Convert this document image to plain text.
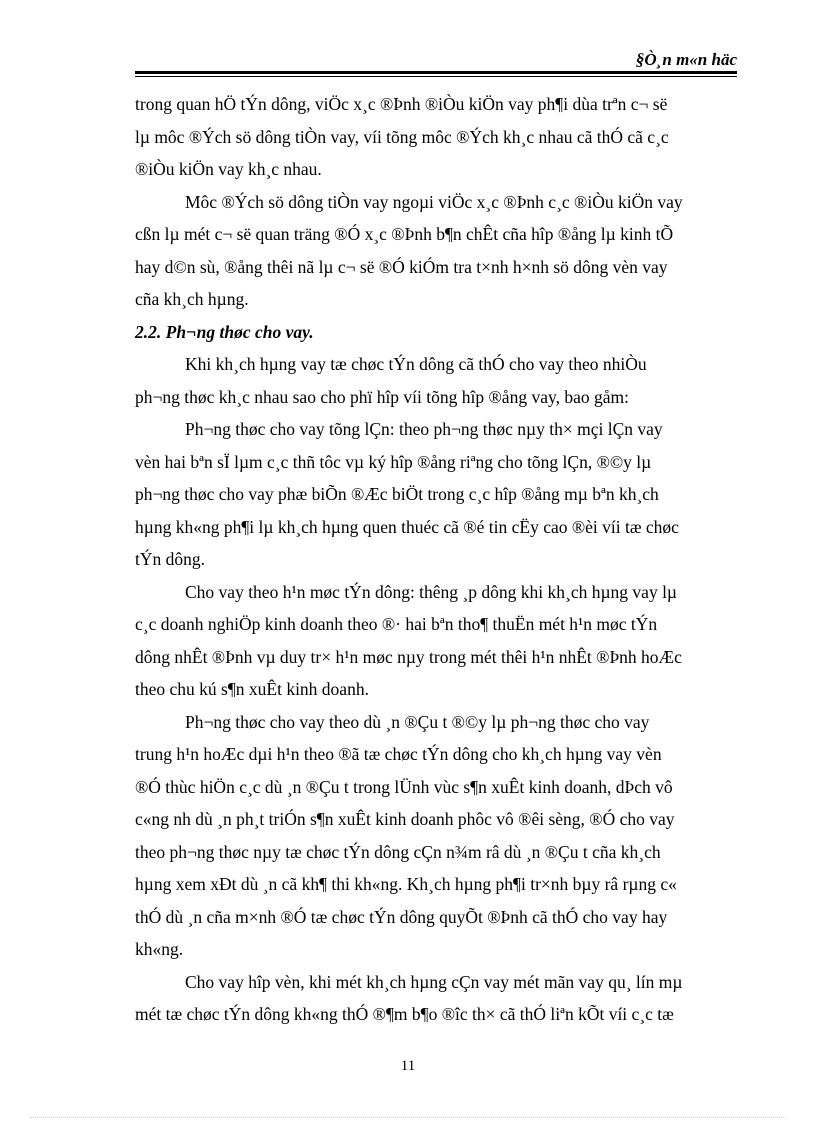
§Ò¸n m«n häc
trong quan hÖ tÝn dông, viÖc x¸c ®Þnh ®iÒu kiÖn vay ph¶i dùa trªn c¬ së
lµ môc ®Ých sö dông tiÒn vay, víi tõng môc ®Ých kh¸c nhau cã thÓ cã c¸c
®iÒu kiÖn vay kh¸c nhau.
Môc ®Ých sö dông tiÒn vay ngoµi viÖc x¸c ®Þnh c¸c ®iÒu kiÖn vay
cßn lµ mét c¬ së quan träng ®Ó x¸c ®Þnh b¶n chÊt cña hîp ®ång lµ kinh tÕ
hay d©n sù, ®ång thêi nã lµ c¬ së ®Ó kiÓm tra t×nh h×nh sö dông vèn vay
cña kh¸ch hµng.
2.2. Ph¬ng thøc cho vay.
Khi kh¸ch hµng vay tæ chøc tÝn dông cã thÓ cho vay theo nhiÒu
ph¬ng thøc kh¸c nhau sao cho phï hîp víi tõng hîp ®ång vay, bao gåm:
Ph¬ng thøc cho vay tõng lÇn: theo ph¬ng thøc nµy th× mçi lÇn vay
vèn hai bªn sÏ lµm c¸c thñ tôc vµ ký hîp ®ång riªng cho tõng lÇn, ®©y lµ
ph¬ng thøc cho vay phæ biÕn ®Æc biÖt trong c¸c hîp ®ång mµ bªn kh¸ch
hµng kh«ng ph¶i lµ kh¸ch hµng quen thuéc cã ®é tin cËy cao ®èi víi tæ chøc
tÝn dông.
Cho vay theo h¹n møc tÝn dông: thêng ¸p dông khi kh¸ch hµng vay lµ
c¸c doanh nghiÖp kinh doanh theo ®· hai bªn tho¶ thuËn mét h¹n møc tÝn
dông nhÊt ®Þnh vµ duy tr× h¹n møc nµy trong mét thêi h¹n nhÊt ®Þnh hoÆc
theo chu kú s¶n xuÊt kinh doanh.
Ph¬ng thøc cho vay theo dù ¸n ®Çu t ®©y lµ ph¬ng thøc cho vay
trung h¹n hoÆc dµi h¹n theo ®ã tæ chøc tÝn dông cho kh¸ch hµng vay vèn
®Ó thùc hiÖn c¸c dù ¸n ®Çu t trong lÜnh vùc s¶n xuÊt kinh doanh, dÞch vô
c«ng nh dù ¸n ph¸t triÓn s¶n xuÊt kinh doanh phôc vô ®êi sèng, ®Ó cho vay
theo ph¬ng thøc nµy tæ chøc tÝn dông cÇn n¾m râ dù ¸n ®Çu t cña kh¸ch
hµng xem xÐt dù ¸n cã kh¶ thi kh«ng. Kh¸ch hµng ph¶i tr×nh bµy râ rµng c«
thÓ dù ¸n cña m×nh ®Ó tæ chøc tÝn dông quyÕt ®Þnh cã thÓ cho vay hay
kh«ng.
Cho vay hîp vèn, khi mét kh¸ch hµng cÇn vay mét mãn vay qu¸ lín mµ
mét tæ chøc tÝn dông kh«ng thÓ ®¶m b¶o ®îc th× cã thÓ liªn kÕt víi c¸c tæ
11
